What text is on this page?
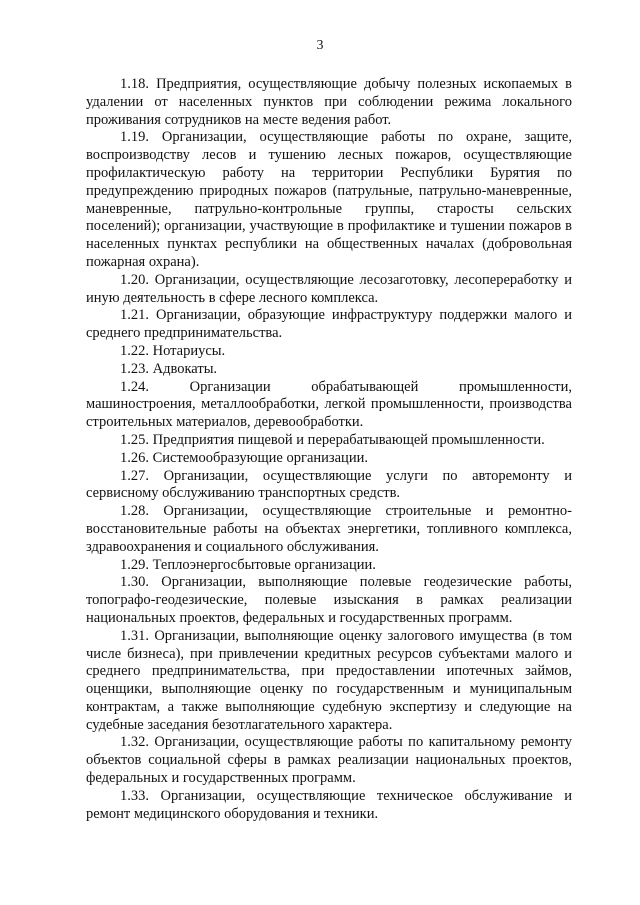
3

1.18. Предприятия, осуществляющие добычу полезных ископаемых в удалении от населенных пунктов при соблюдении режима локального проживания сотрудников на месте ведения работ.

1.19. Организации, осуществляющие работы по охране, защите, воспроизводству лесов и тушению лесных пожаров, осуществляющие профилактическую работу на территории Республики Бурятия по предупреждению природных пожаров (патрульные, патрульно-маневренные, маневренные, патрульно-контрольные группы, старосты сельских поселений); организации, участвующие в профилактике и тушении пожаров в населенных пунктах республики на общественных началах (добровольная пожарная охрана).

1.20. Организации, осуществляющие лесозаготовку, лесопереработку и иную деятельность в сфере лесного комплекса.

1.21. Организации, образующие инфраструктуру поддержки малого и среднего предпринимательства.

1.22. Нотариусы.

1.23. Адвокаты.

1.24. Организации обрабатывающей промышленности, машиностроения, металлообработки, легкой промышленности, производства строительных материалов, деревообработки.

1.25. Предприятия пищевой и перерабатывающей промышленности.

1.26. Системообразующие организации.

1.27. Организации, осуществляющие услуги по авторемонту и сервисному обслуживанию транспортных средств.

1.28. Организации, осуществляющие строительные и ремонтно-восстановительные работы на объектах энергетики, топливного комплекса, здравоохранения и социального обслуживания.

1.29. Теплоэнергосбытовые организации.

1.30. Организации, выполняющие полевые геодезические работы, топографо-геодезические, полевые изыскания в рамках реализации национальных проектов, федеральных и государственных программ.

1.31. Организации, выполняющие оценку залогового имущества (в том числе бизнеса), при привлечении кредитных ресурсов субъектами малого и среднего предпринимательства, при предоставлении ипотечных займов, оценщики, выполняющие оценку по государственным и муниципальным контрактам, а также выполняющие судебную экспертизу и следующие на судебные заседания безотлагательного характера.

1.32. Организации, осуществляющие работы по капитальному ремонту объектов социальной сферы в рамках реализации национальных проектов, федеральных и государственных программ.

1.33. Организации, осуществляющие техническое обслуживание и ремонт медицинского оборудования и техники.
